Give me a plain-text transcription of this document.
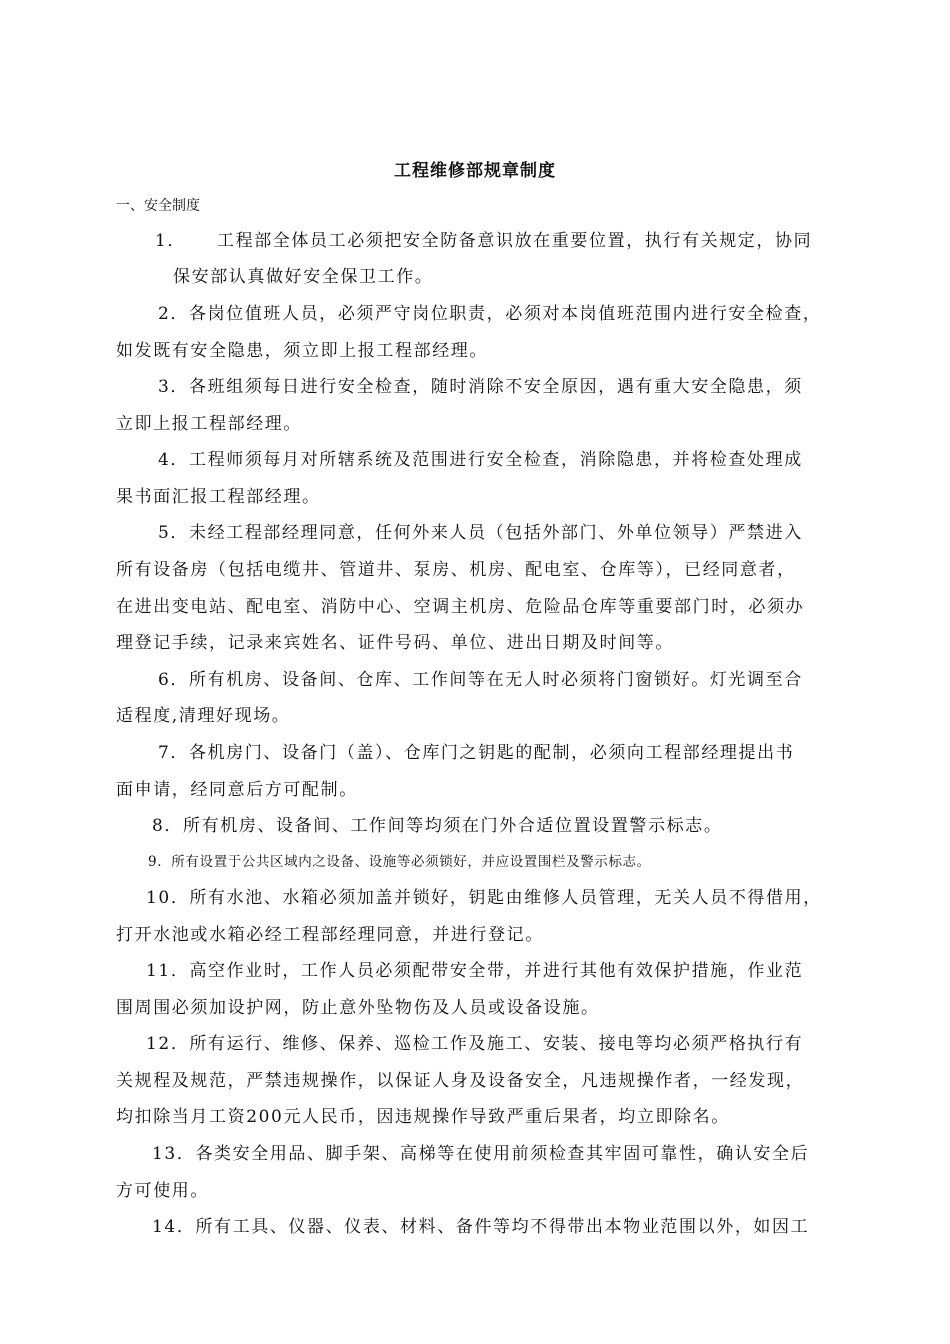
工程维修部规章制度
一、安全制度
1． 工程部全体员工必须把安全防备意识放在重要位置，执行有关规定，协同
保安部认真做好安全保卫工作。
2．各岗位值班人员，必须严守岗位职责，必须对本岗值班范围内进行安全检查，
如发既有安全隐患，须立即上报工程部经理。
3．各班组须每日进行安全检查，随时消除不安全原因，遇有重大安全隐患，须
立即上报工程部经理。
4．工程师须每月对所辖系统及范围进行安全检查，消除隐患，并将检查处理成
果书面汇报工程部经理。
5．未经工程部经理同意，任何外来人员（包括外部门、外单位领导）严禁进入
所有设备房（包括电缆井、管道井、泵房、机房、配电室、仓库等），已经同意者，
在进出变电站、配电室、消防中心、空调主机房、危险品仓库等重要部门时，必须办
理登记手续，记录来宾姓名、证件号码、单位、进出日期及时间等。
6．所有机房、设备间、仓库、工作间等在无人时必须将门窗锁好。灯光调至合
适程度,清理好现场。
7．各机房门、设备门（盖）、仓库门之钥匙的配制，必须向工程部经理提出书
面申请，经同意后方可配制。
8．所有机房、设备间、工作间等均须在门外合适位置设置警示标志。
9．所有设置于公共区域内之设备、设施等必须锁好，并应设置围栏及警示标志。
10．所有水池、水箱必须加盖并锁好，钥匙由维修人员管理，无关人员不得借用，
打开水池或水箱必经工程部经理同意，并进行登记。
11．高空作业时，工作人员必须配带安全带，并进行其他有效保护措施，作业范
围周围必须加设护网，防止意外坠物伤及人员或设备设施。
12．所有运行、维修、保养、巡检工作及施工、安装、接电等均必须严格执行有
关规程及规范，严禁违规操作，以保证人身及设备安全，凡违规操作者，一经发现，
均扣除当月工资200元人民币，因违规操作导致严重后果者，均立即除名。
13．各类安全用品、脚手架、高梯等在使用前须检查其牢固可靠性，确认安全后
方可使用。
14．所有工具、仪器、仪表、材料、备件等均不得带出本物业范围以外，如因工
